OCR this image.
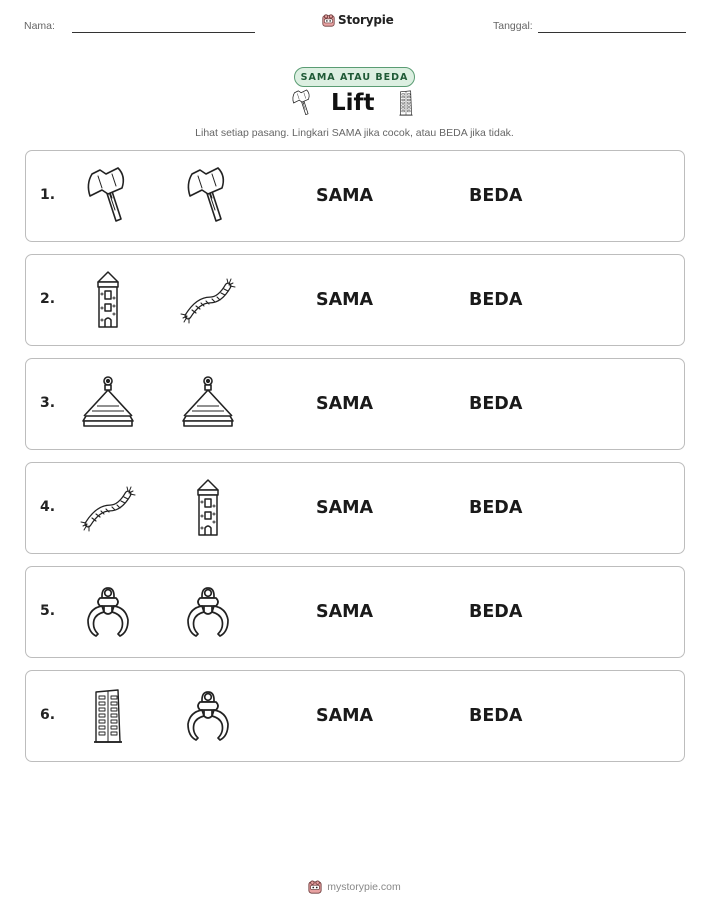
Nama:	Storypie	Tanggal:
SAMA ATAU BEDA
Lift
Lihat setiap pasang. Lingkari SAMA jika cocok, atau BEDA jika tidak.
1.	SAMA	BEDA
2.	SAMA	BEDA
3.	SAMA	BEDA
4.	SAMA	BEDA
5.	SAMA	BEDA
6.	SAMA	BEDA
mystorypie.com
